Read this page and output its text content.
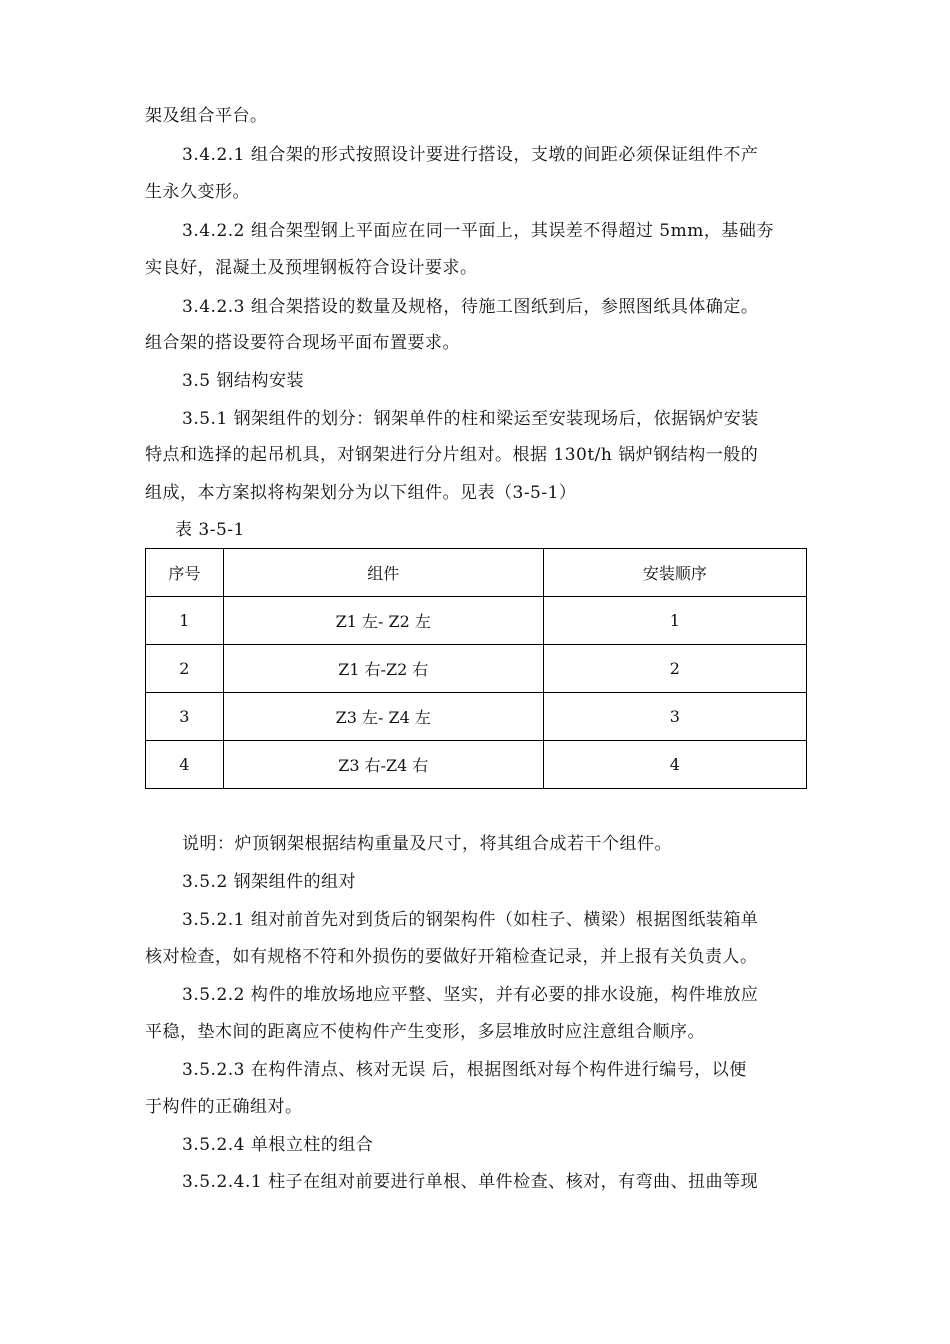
架及组合平台。
3.4.2.1 组合架的形式按照设计要进行搭设，支墩的间距必须保证组件不产
生永久变形。
3.4.2.2 组合架型钢上平面应在同一平面上，其误差不得超过 5mm，基础夯
实良好，混凝土及预埋钢板符合设计要求。
3.4.2.3 组合架搭设的数量及规格，待施工图纸到后，参照图纸具体确定。
组合架的搭设要符合现场平面布置要求。
3.5 钢结构安装
3.5.1 钢架组件的划分：钢架单件的柱和梁运至安装现场后，依据锅炉安装
特点和选择的起吊机具，对钢架进行分片组对。根据 130t/h 锅炉钢结构一般的
组成，本方案拟将构架划分为以下组件。见表（3-5-1）
表 3-5-1
序号	组件	安装顺序
1	Z1 左- Z2 左	1
2	Z1 右-Z2 右	2
3	Z3 左- Z4 左	3
4	Z3 右-Z4 右	4
说明：炉顶钢架根据结构重量及尺寸，将其组合成若干个组件。
3.5.2 钢架组件的组对
3.5.2.1 组对前首先对到货后的钢架构件（如柱子、横梁）根据图纸装箱单
核对检查，如有规格不符和外损伤的要做好开箱检查记录，并上报有关负责人。
3.5.2.2 构件的堆放场地应平整、坚实，并有必要的排水设施，构件堆放应
平稳，垫木间的距离应不使构件产生变形，多层堆放时应注意组合顺序。
3.5.2.3 在构件清点、核对无误 后，根据图纸对每个构件进行编号，以便
于构件的正确组对。
3.5.2.4 单根立柱的组合
3.5.2.4.1 柱子在组对前要进行单根、单件检查、核对，有弯曲、扭曲等现
